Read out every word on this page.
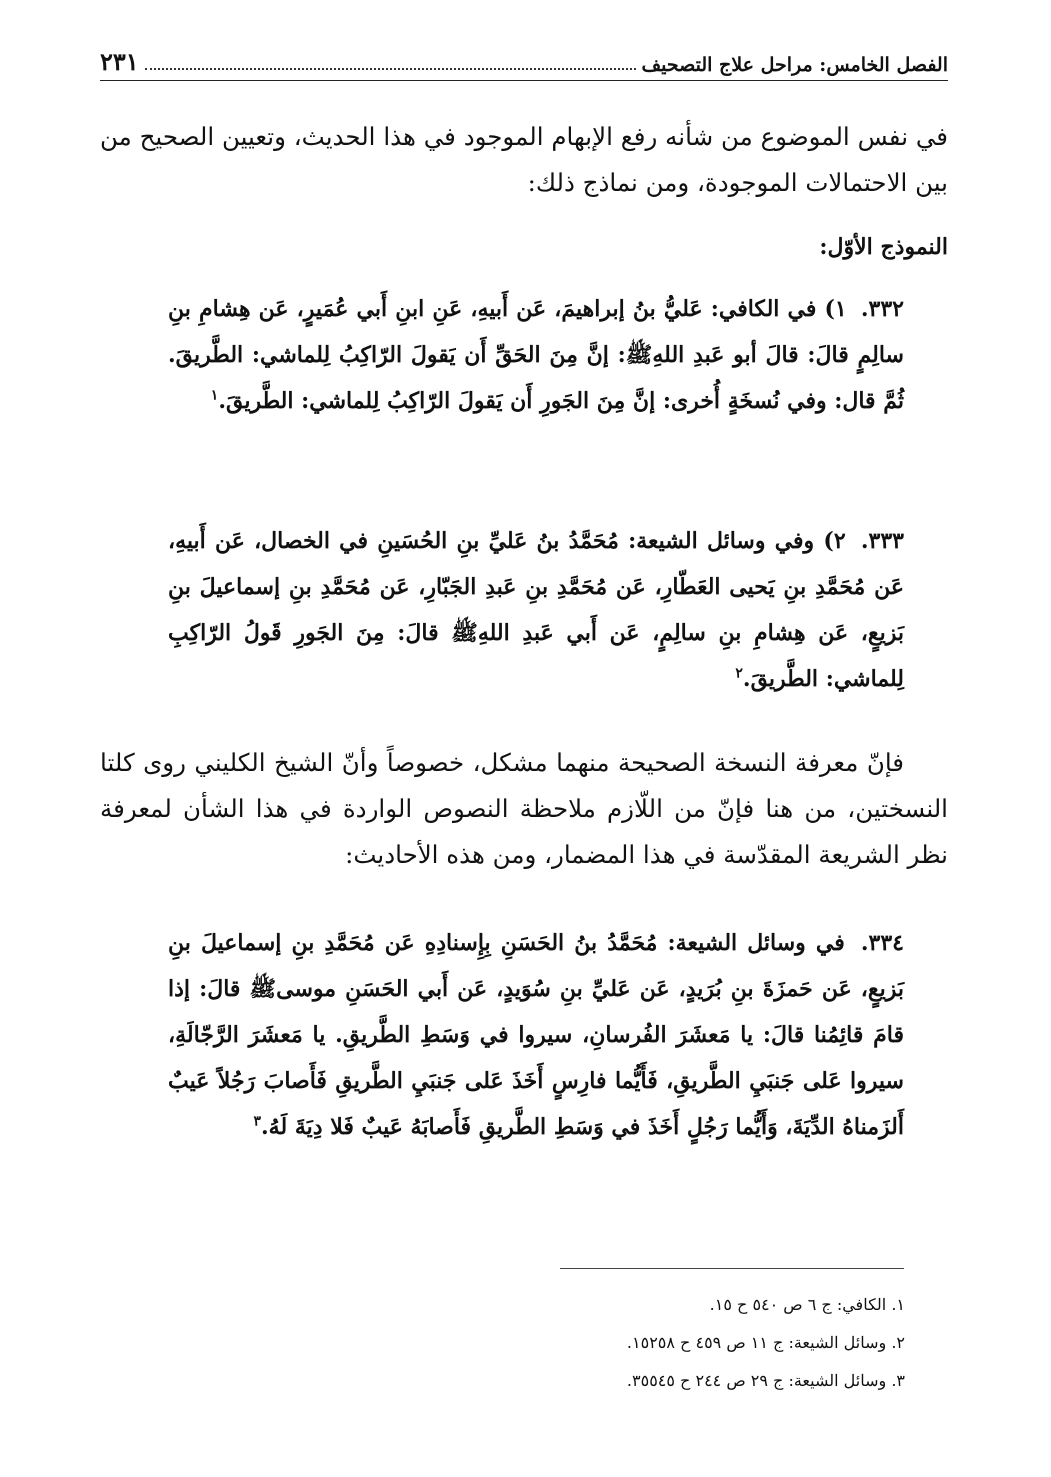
الفصل الخامس: مراحل علاج التصحيف
٢٣١

في نفس الموضوع من شأنه رفع الإبهام الموجود في هذا الحديث، وتعيين الصحيح من بين الاحتمالات الموجودة، ومن نماذج ذلك:

النموذج الأوّل:

٣٣٢. ١) في الكافي: عَليُّ بنُ إبراهيمَ، عَن أَبيهِ، عَنِ ابنِ أَبي عُمَيرٍ، عَن هِشامِ بنِ سالِمٍ قالَ: قالَ أبو عَبدِ اللهِ‏ﷺ: إنَّ مِنَ الحَقِّ أَن يَقولَ الرّاكِبُ لِلماشي: الطَّريقَ. ثُمَّ قال: وفي نُسخَةٍ أُخرى: إنَّ مِنَ الجَورِ أَن يَقولَ الرّاكِبُ لِلماشي: الطَّريقَ.$^١$

٣٣٣. ٢) وفي وسائل الشيعة: مُحَمَّدُ بنُ عَليِّ بنِ الحُسَينِ في الخصال، عَن أَبيهِ، عَن مُحَمَّدِ بنِ يَحيى العَطّارِ، عَن مُحَمَّدِ بنِ عَبدِ الجَبّارِ، عَن مُحَمَّدِ بنِ إسماعيلَ بنِ بَزيعٍ، عَن هِشامِ بنِ سالِمٍ، عَن أَبي عَبدِ اللهِ‏ﷺ قالَ: مِنَ الجَورِ قَولُ الرّاكِبِ لِلماشي: الطَّريقَ.$^٢$

فإنّ معرفة النسخة الصحيحة منهما مشكل، خصوصاً وأنّ الشيخ الكليني روى كلتا النسختين، من هنا فإنّ من اللّازم ملاحظة النصوص الواردة في هذا الشأن لمعرفة نظر الشريعة المقدّسة في هذا المضمار، ومن هذه الأحاديث:

٣٣٤. في وسائل الشيعة: مُحَمَّدُ بنُ الحَسَنِ بِإِسنادِهِ عَن مُحَمَّدِ بنِ إسماعيلَ بنِ بَزيعٍ، عَن حَمزَةَ بنِ بُرَيدٍ، عَن عَليِّ بنِ سُوَيدٍ، عَن أَبي الحَسَنِ موسى‏ﷺ قالَ: إذا قامَ قائِمُنا قالَ: يا مَعشَرَ الفُرسانِ، سيروا في وَسَطِ الطَّريقِ. يا مَعشَرَ الرَّجّالَةِ، سيروا عَلى جَنبَيِ الطَّريقِ، فَأَيُّما فارِسٍ أَخَذَ عَلى جَنبَيِ الطَّريقِ فَأَصابَ رَجُلاً عَيبٌ أَلزَمناهُ الدِّيَةَ، وَأَيُّما رَجُلٍ أَخَذَ في وَسَطِ الطَّريقِ فَأَصابَهُ عَيبٌ فَلا دِيَةَ لَهُ.$^٣$

١. الكافي: ج ٦ ص ٥٤٠ ح ١٥.
٢. وسائل الشيعة: ج ١١ ص ٤٥٩ ح ١٥٢٥٨.
٣. وسائل الشيعة: ج ٢٩ ص ٢٤٤ ح ٣٥٥٤٥.
